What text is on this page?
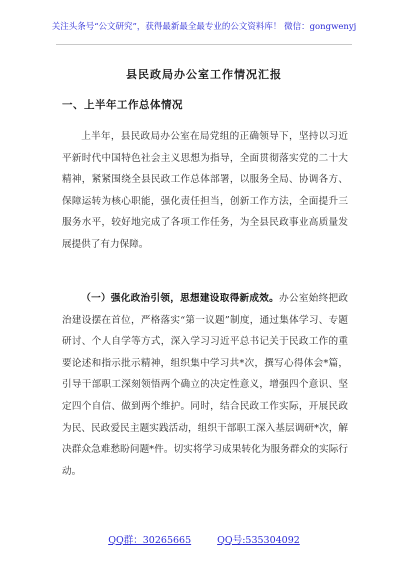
关注头条号“公文研究”，获得最新最全最专业的公文资料库！ 微信：gongwenyj
县民政局办公室工作情况汇报
一、上半年工作总体情况

上半年，县民政局办公室在局党组的正确领导下，坚持以习近平新时代中国特色社会主义思想为指导，全面贯彻落实党的二十大精神，紧紧围绕全县民政工作总体部署，以服务全局、协调各方、保障运转为核心职能，强化责任担当，创新工作方法，全面提升三服务水平，较好地完成了各项工作任务，为全县民政事业高质量发展提供了有力保障。

（一）强化政治引领，思想建设取得新成效。办公室始终把政治建设摆在首位，严格落实“第一议题”制度，通过集体学习、专题研讨、个人自学等方式，深入学习习近平总书记关于民政工作的重要论述和指示批示精神，组织集中学习共*次，撰写心得体会*篇，引导干部职工深刻领悟两个确立的决定性意义，增强四个意识、坚定四个自信、做到两个维护。同时，结合民政工作实际，开展民政为民、民政爱民主题实践活动，组织干部职工深入基层调研*次，解决群众急难愁盼问题*件。切实将学习成果转化为服务群众的实际行动。

QQ群：30265665	QQ号:535304092
